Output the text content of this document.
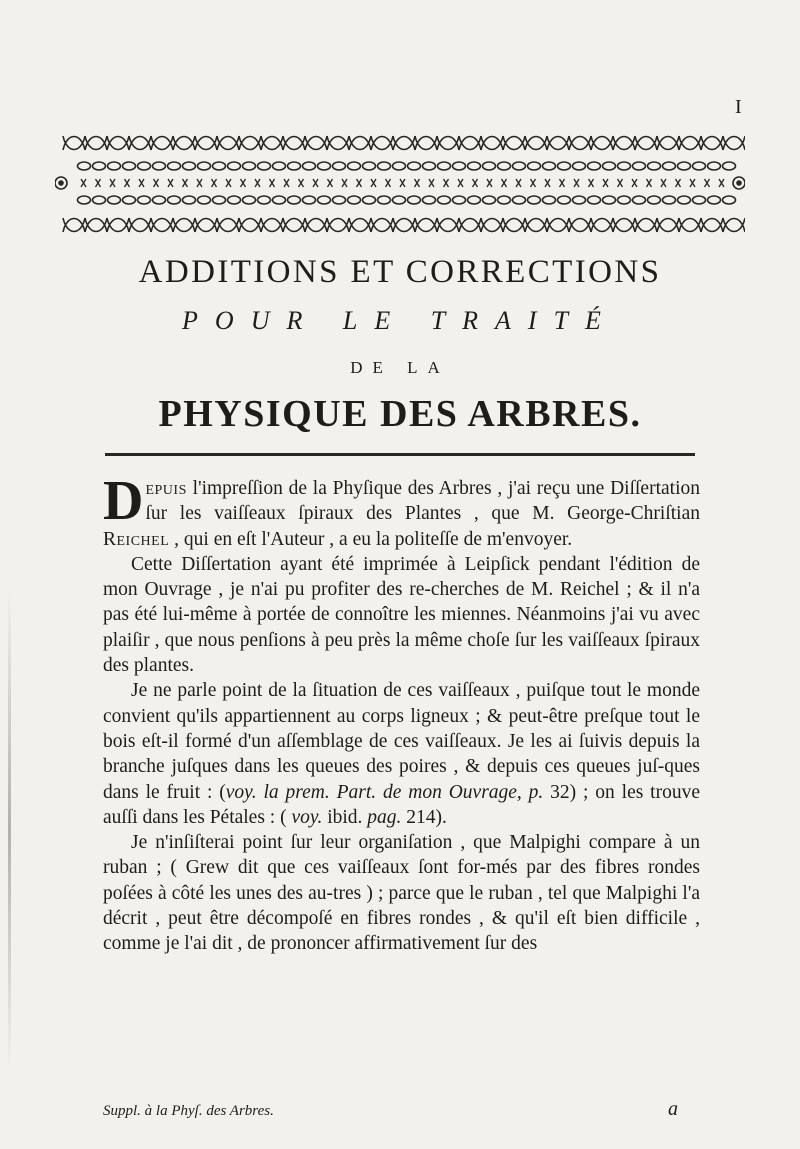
I
ADDITIONS ET CORRECTIONS
POUR LE TRAITÉ
DE LA
PHYSIQUE DES ARBRES.

Depuis l'impreſſion de la Phyſique des Arbres , j'ai reçu une Diſſertation ſur les vaiſſeaux ſpiraux des Plantes , que M. George-Chriſtian Reichel , qui en eſt l'Auteur , a eu la politeſſe de m'envoyer.

Cette Diſſertation ayant été imprimée à Leipſick pendant l'édition de mon Ouvrage , je n'ai pu profiter des re-cherches de M. Reichel ; & il n'a pas été lui-même à portée de connoître les miennes. Néanmoins j'ai vu avec plaiſir , que nous penſions à peu près la même choſe ſur les vaiſſeaux ſpiraux des plantes.

Je ne parle point de la ſituation de ces vaiſſeaux , puiſque tout le monde convient qu'ils appartiennent au corps ligneux ; & peut-être preſque tout le bois eſt-il formé d'un aſſemblage de ces vaiſſeaux. Je les ai ſuivis depuis la branche juſques dans les queues des poires , & depuis ces queues juſ-ques dans le fruit : (voy. la prem. Part. de mon Ouvrage, p. 32) ; on les trouve auſſi dans les Pétales : ( voy. ibid. pag. 214).

Je n'inſiſterai point ſur leur organiſation , que Malpighi compare à un ruban ; ( Grew dit que ces vaiſſeaux ſont for-més par des fibres rondes poſées à côté les unes des au-tres ) ; parce que le ruban , tel que Malpighi l'a décrit , peut être décompoſé en fibres rondes , & qu'il eſt bien difficile , comme je l'ai dit , de prononcer affirmativement ſur des

Suppl. à la Phyſ. des Arbres.	a
